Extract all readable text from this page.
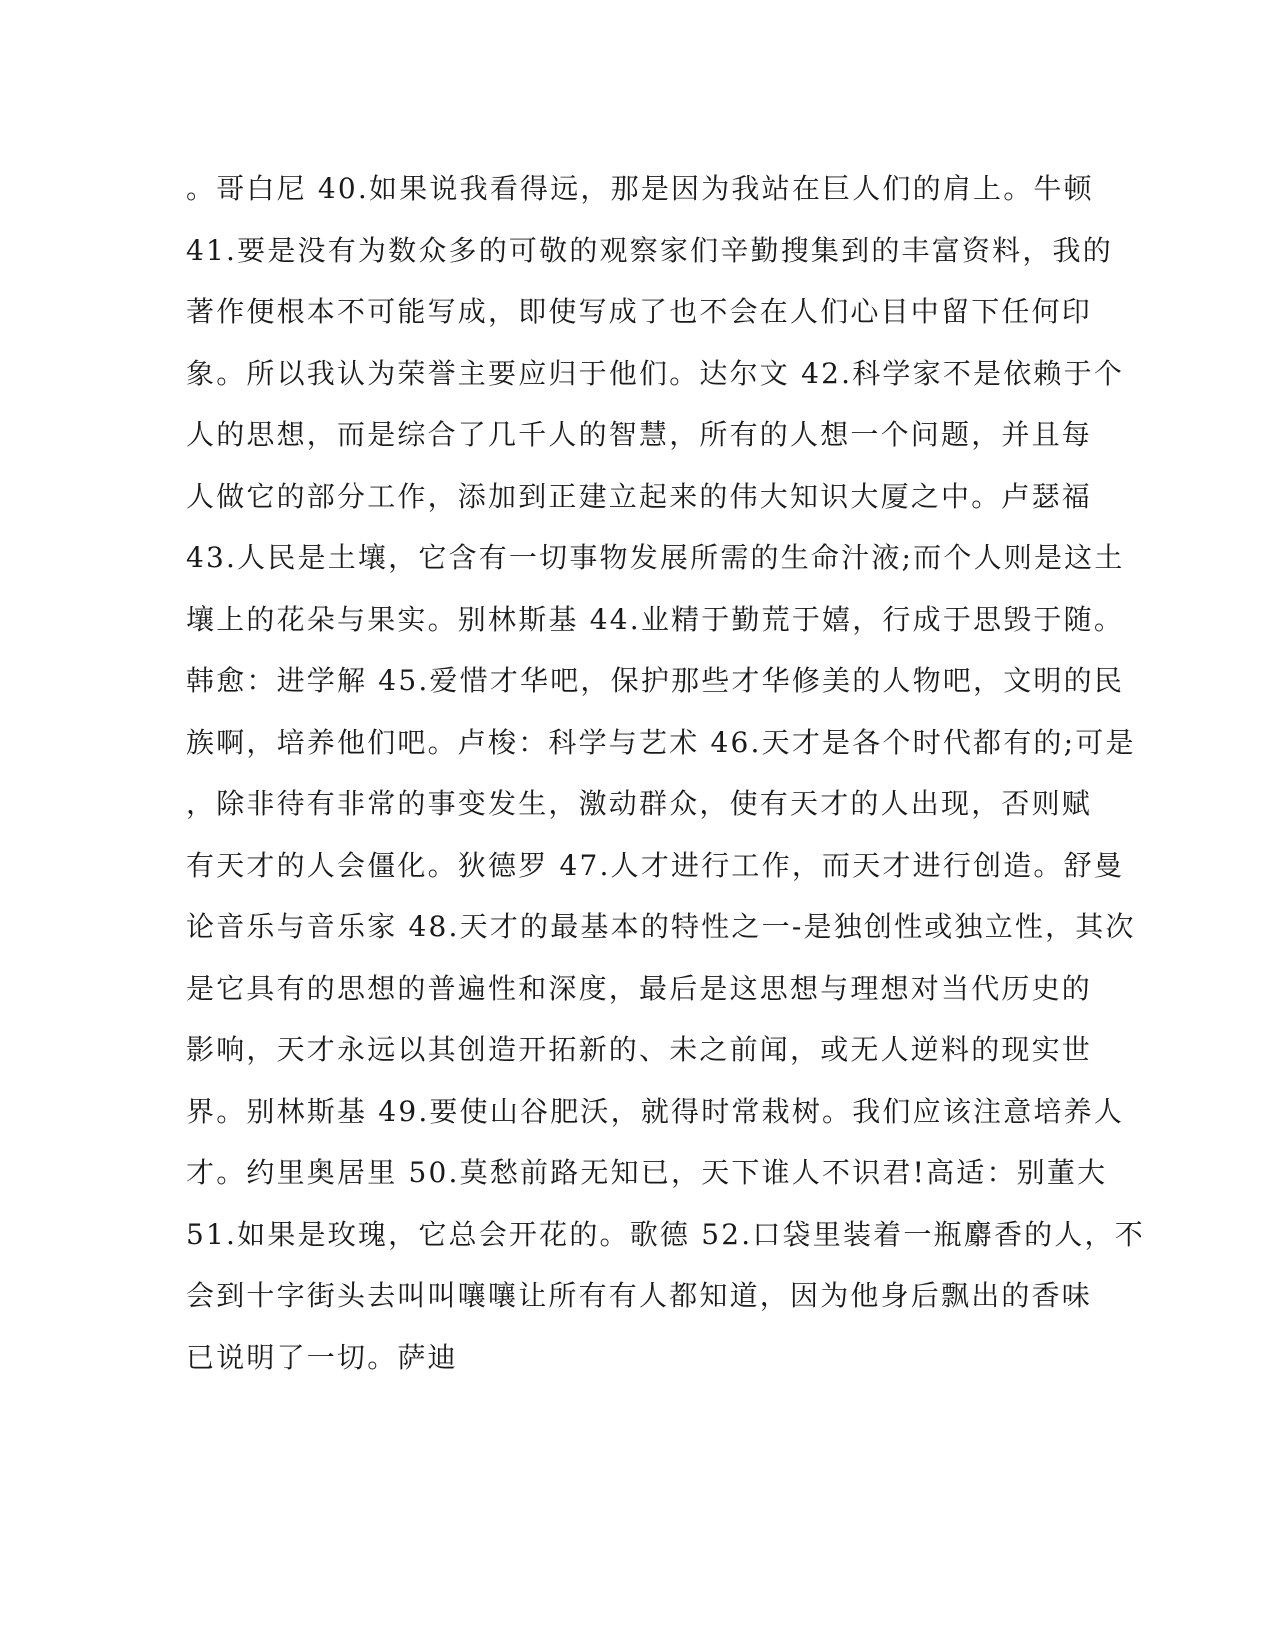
。哥白尼 40.如果说我看得远，那是因为我站在巨人们的肩上。牛顿
41.要是没有为数众多的可敬的观察家们辛勤搜集到的丰富资料，我的
著作便根本不可能写成，即使写成了也不会在人们心目中留下任何印
象。所以我认为荣誉主要应归于他们。达尔文 42.科学家不是依赖于个
人的思想，而是综合了几千人的智慧，所有的人想一个问题，并且每
人做它的部分工作，添加到正建立起来的伟大知识大厦之中。卢瑟福
43.人民是土壤，它含有一切事物发展所需的生命汁液;而个人则是这土
壤上的花朵与果实。别林斯基 44.业精于勤荒于嬉，行成于思毁于随。
韩愈：进学解 45.爱惜才华吧，保护那些才华修美的人物吧，文明的民
族啊，培养他们吧。卢梭：科学与艺术 46.天才是各个时代都有的;可是
，除非待有非常的事变发生，激动群众，使有天才的人出现，否则赋
有天才的人会僵化。狄德罗 47.人才进行工作，而天才进行创造。舒曼
论音乐与音乐家 48.天才的最基本的特性之一-是独创性或独立性，其次
是它具有的思想的普遍性和深度，最后是这思想与理想对当代历史的
影响，天才永远以其创造开拓新的、未之前闻，或无人逆料的现实世
界。别林斯基 49.要使山谷肥沃，就得时常栽树。我们应该注意培养人
才。约里奥居里 50.莫愁前路无知已，天下谁人不识君!高适：别董大
51.如果是玫瑰，它总会开花的。歌德 52.口袋里装着一瓶麝香的人，不
会到十字街头去叫叫嚷嚷让所有有人都知道，因为他身后飘出的香味
已说明了一切。萨迪
